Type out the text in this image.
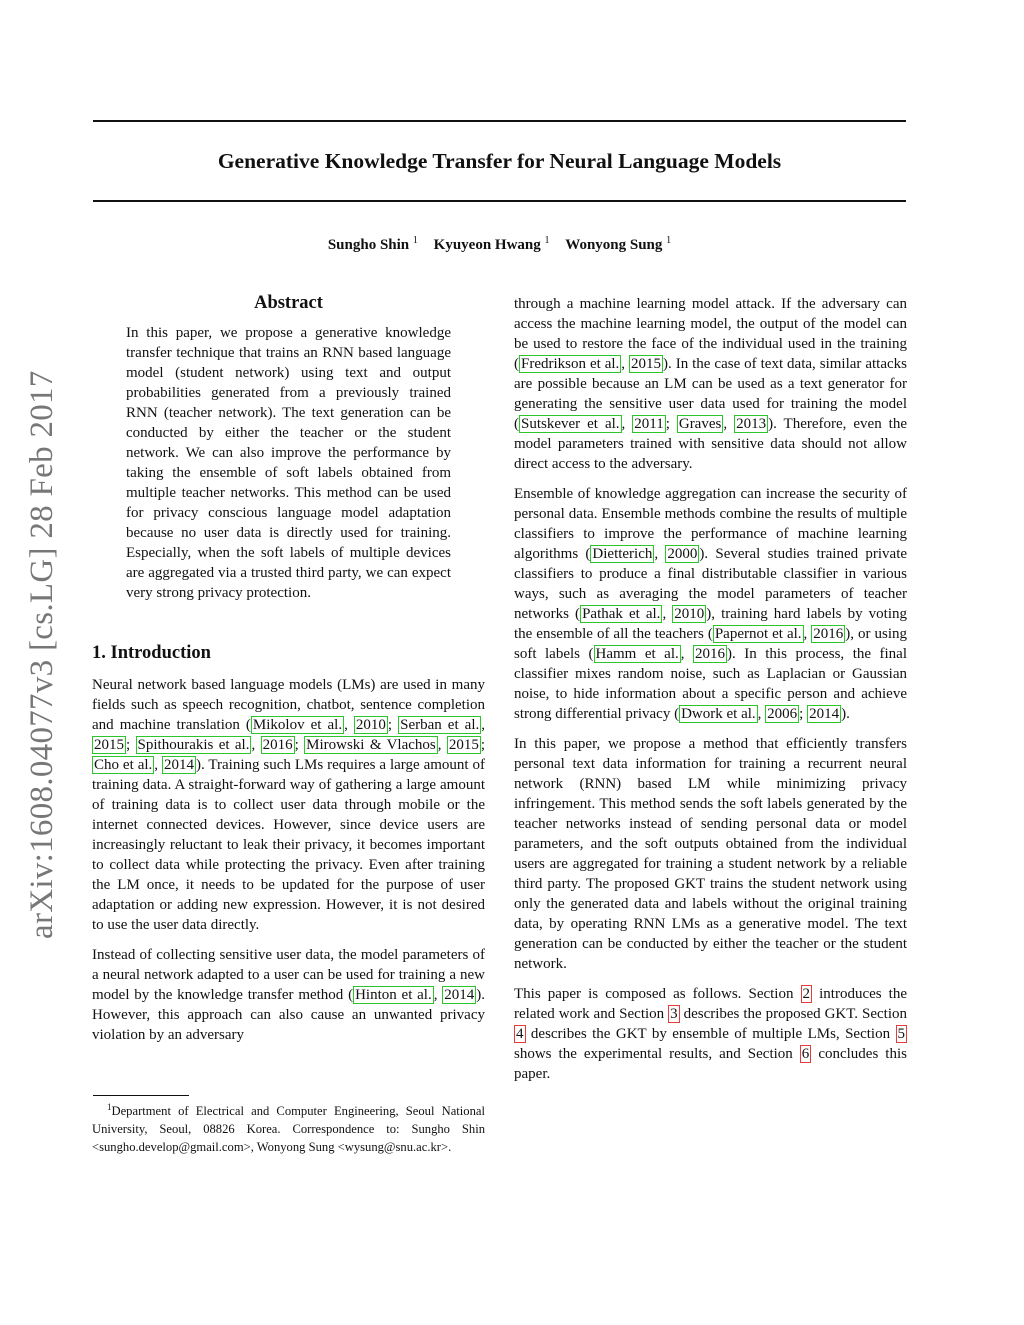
Generative Knowledge Transfer for Neural Language Models
Sungho Shin $^1$ Kyuyeon Hwang $^1$ Wonyong Sung $^1$
arXiv:1608.04077v3 [cs.LG] 28 Feb 2017
Abstract
In this paper, we propose a generative knowledge transfer technique that trains an RNN based language model (student network) using text and output probabilities generated from a previously trained RNN (teacher network). The text generation can be conducted by either the teacher or the student network. We can also improve the performance by taking the ensemble of soft labels obtained from multiple teacher networks. This method can be used for privacy conscious language model adaptation because no user data is directly used for training. Especially, when the soft labels of multiple devices are aggregated via a trusted third party, we can expect very strong privacy protection.
1. Introduction

Neural network based language models (LMs) are used in many fields such as speech recognition, chatbot, sentence completion and machine translation ( Mikolov et al. , 2010 ; Serban et al. , 2015 ; Spithourakis et al. , 2016 ; Mirowski & Vlachos , 2015 ; Cho et al. , 2014 ). Training such LMs requires a large amount of training data. A straight-forward way of gathering a large amount of training data is to collect user data through mobile or the internet connected devices. However, since device users are increasingly reluctant to leak their privacy, it becomes important to collect data while protecting the privacy. Even after training the LM once, it needs to be updated for the purpose of user adaptation or adding new expression. However, it is not desired to use the user data directly.

Instead of collecting sensitive user data, the model parameters of a neural network adapted to a user can be used for training a new model by the knowledge transfer method ( Hinton et al. , 2014 ). However, this approach can also cause an unwanted privacy violation by an adversary

$^1$Department of Electrical and Computer Engineering, Seoul National University, Seoul, 08826 Korea. Correspondence to: Sungho Shin <sungho.develop@gmail.com>, Wonyong Sung <wysung@snu.ac.kr>.

through a machine learning model attack. If the adversary can access the machine learning model, the output of the model can be used to restore the face of the individual used in the training ( Fredrikson et al. , 2015 ). In the case of text data, similar attacks are possible because an LM can be used as a text generator for generating the sensitive user data used for training the model ( Sutskever et al. , 2011 ; Graves , 2013 ). Therefore, even the model parameters trained with sensitive data should not allow direct access to the adversary.

Ensemble of knowledge aggregation can increase the security of personal data. Ensemble methods combine the results of multiple classifiers to improve the performance of machine learning algorithms ( Dietterich , 2000 ). Several studies trained private classifiers to produce a final distributable classifier in various ways, such as averaging the model parameters of teacher networks ( Pathak et al. , 2010 ), training hard labels by voting the ensemble of all the teachers ( Papernot et al. , 2016 ), or using soft labels ( Hamm et al. , 2016 ). In this process, the final classifier mixes random noise, such as Laplacian or Gaussian noise, to hide information about a specific person and achieve strong differential privacy ( Dwork et al. , 2006 ; 2014 ).

In this paper, we propose a method that efficiently transfers personal text data information for training a recurrent neural network (RNN) based LM while minimizing privacy infringement. This method sends the soft labels generated by the teacher networks instead of sending personal data or model parameters, and the soft outputs obtained from the individual users are aggregated for training a student network by a reliable third party. The proposed GKT trains the student network using only the generated data and labels without the original training data, by operating RNN LMs as a generative model. The text generation can be conducted by either the teacher or the student network.

This paper is composed as follows. Section 2 introduces the related work and Section 3 describes the proposed GKT. Section 4 describes the GKT by ensemble of multiple LMs, Section 5 shows the experimental results, and Section 6 concludes this paper.
